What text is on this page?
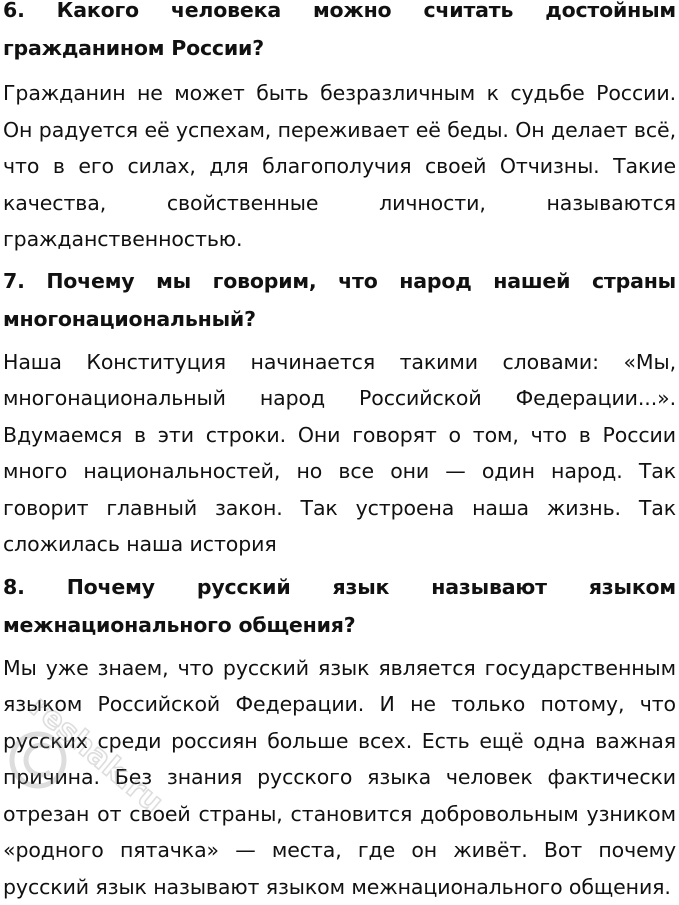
6. Какого человека можно считать достойным гражданином России?

Гражданин не может быть безразличным к судьбе России. Он радуется её успехам, переживает её беды. Он делает всё, что в его силах, для благополучия своей Отчизны. Такие качества, свойственные личности, называются гражданственностью.

7. Почему мы говорим, что народ нашей страны многонациональный?

Наша Конституция начинается такими словами: «Мы, многонациональный народ Российской Федерации...». Вдумаемся в эти строки. Они говорят о том, что в России много национальностей, но все они — один народ. Так говорит главный закон. Так устроена наша жизнь. Так сложилась наша история

8. Почему русский язык называют языком межнационального общения?

Мы уже знаем, что русский язык является государственным языком Российской Федерации. И не только потому, что русских среди россиян больше всех. Есть ещё одна важная причина. Без знания русского языка человек фактически отрезан от своей страны, становится добровольным узником «родного пятачка» — места, где он живёт. Вот почему русский язык называют языком межнационального общения.

reshak.ru
